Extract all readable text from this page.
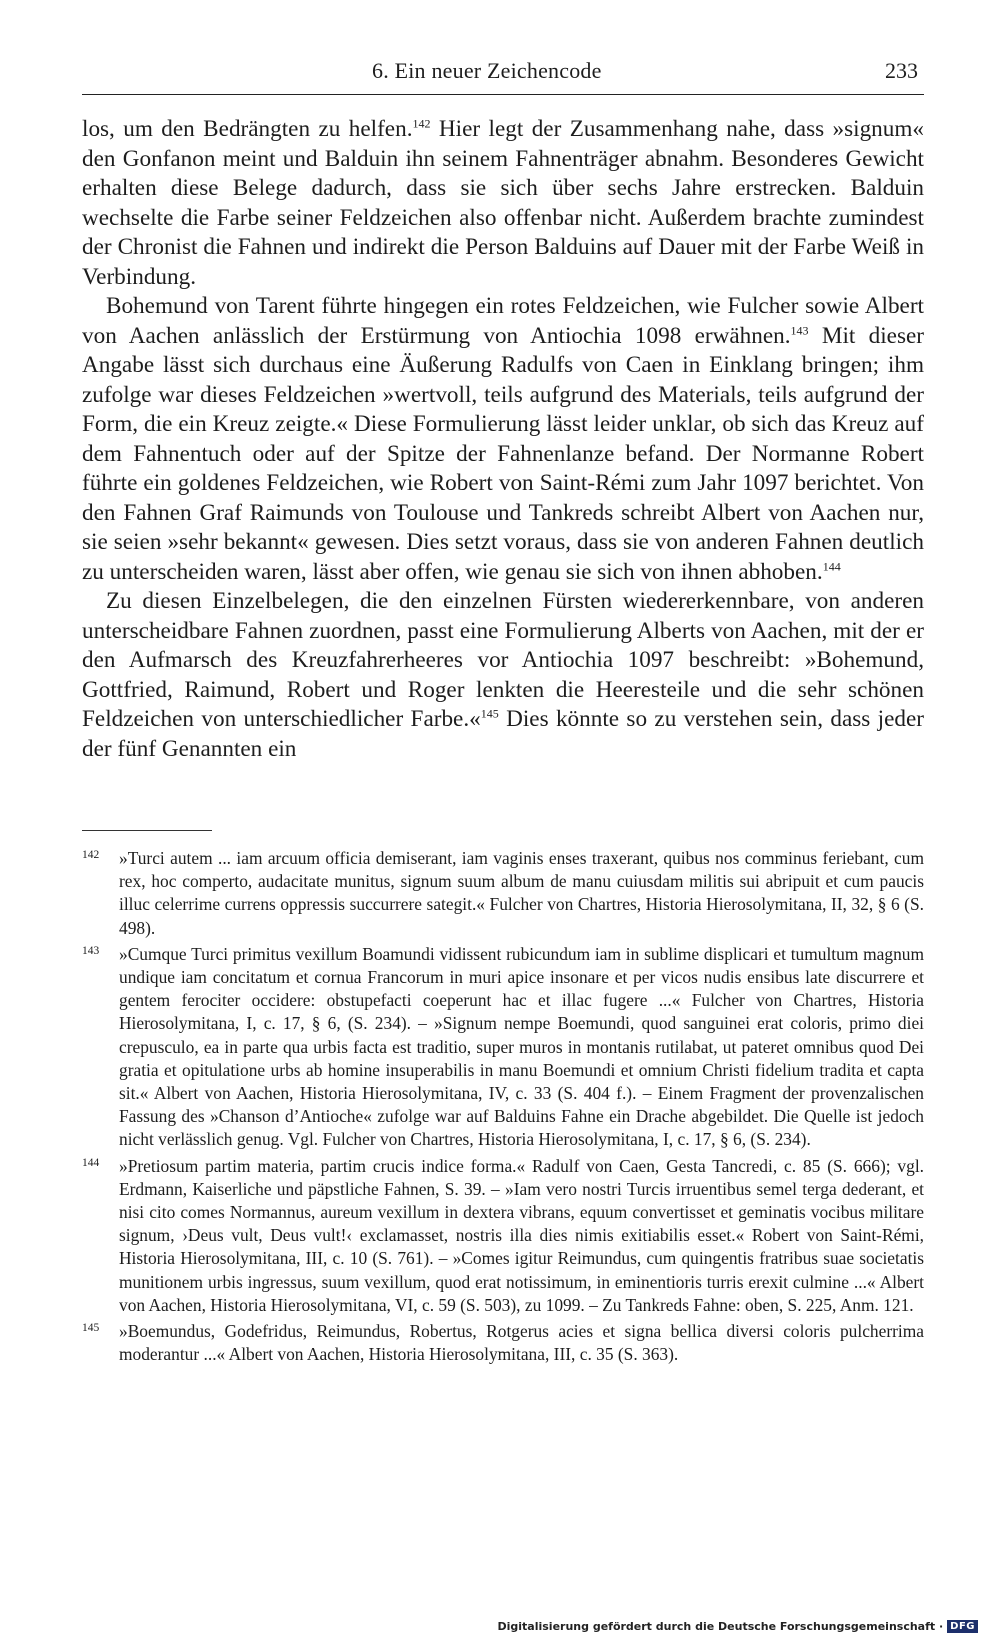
6. Ein neuer Zeichencode	233

los, um den Bedrängten zu helfen.$^{142}$ Hier legt der Zusammenhang nahe, dass »signum« den Gonfanon meint und Balduin ihn seinem Fahnenträger abnahm. Besonderes Gewicht erhalten diese Belege dadurch, dass sie sich über sechs Jahre erstrecken. Balduin wechselte die Farbe seiner Feldzeichen also offenbar nicht. Außerdem brachte zumindest der Chronist die Fahnen und indirekt die Person Balduins auf Dauer mit der Farbe Weiß in Verbindung.

Bohemund von Tarent führte hingegen ein rotes Feldzeichen, wie Fulcher sowie Albert von Aachen anlässlich der Erstürmung von Antiochia 1098 erwähnen.$^{143}$ Mit dieser Angabe lässt sich durchaus eine Äußerung Radulfs von Caen in Einklang bringen; ihm zufolge war dieses Feldzeichen »wertvoll, teils aufgrund des Materials, teils aufgrund der Form, die ein Kreuz zeigte.« Diese Formulierung lässt leider unklar, ob sich das Kreuz auf dem Fahnentuch oder auf der Spitze der Fahnenlanze befand. Der Normanne Robert führte ein goldenes Feldzeichen, wie Robert von Saint-Rémi zum Jahr 1097 berichtet. Von den Fahnen Graf Raimunds von Toulouse und Tankreds schreibt Albert von Aachen nur, sie seien »sehr bekannt« gewesen. Dies setzt voraus, dass sie von anderen Fahnen deutlich zu unterscheiden waren, lässt aber offen, wie genau sie sich von ihnen abhoben.$^{144}$

Zu diesen Einzelbelegen, die den einzelnen Fürsten wiedererkennbare, von anderen unterscheidbare Fahnen zuordnen, passt eine Formulierung Alberts von Aachen, mit der er den Aufmarsch des Kreuzfahrerheeres vor Antiochia 1097 beschreibt: »Bohemund, Gottfried, Raimund, Robert und Roger lenkten die Heeresteile und die sehr schönen Feldzeichen von unterschiedlicher Farbe.«$^{145}$ Dies könnte so zu verstehen sein, dass jeder der fünf Genannten ein

142 »Turci autem ... iam arcuum officia demiserant, iam vaginis enses traxerant, quibus nos comminus feriebant, cum rex, hoc comperto, audacitate munitus, signum suum album de manu cuiusdam militis sui abripuit et cum paucis illuc celerrime currens oppressis succurrere sategit.« Fulcher von Chartres, Historia Hierosolymitana, II, 32, § 6 (S. 498).
143 »Cumque Turci primitus vexillum Boamundi vidissent rubicundum iam in sublime displicari et tumultum magnum undique iam concitatum et cornua Francorum in muri apice insonare et per vicos nudis ensibus late discurrere et gentem ferociter occidere: obstupefacti coeperunt hac et illac fugere ...« Fulcher von Chartres, Historia Hierosolymitana, I, c. 17, § 6, (S. 234). – »Signum nempe Boemundi, quod sanguinei erat coloris, primo diei crepusculo, ea in parte qua urbis facta est traditio, super muros in montanis rutilabat, ut pateret omnibus quod Dei gratia et opitulatione urbs ab homine insuperabilis in manu Boemundi et omnium Christi fidelium tradita et capta sit.« Albert von Aachen, Historia Hierosolymitana, IV, c. 33 (S. 404 f.). – Einem Fragment der provenzalischen Fassung des »Chanson d’Antioche« zufolge war auf Balduins Fahne ein Drache abgebildet. Die Quelle ist jedoch nicht verlässlich genug. Vgl. Fulcher von Chartres, Historia Hierosolymitana, I, c. 17, § 6, (S. 234).
144 »Pretiosum partim materia, partim crucis indice forma.« Radulf von Caen, Gesta Tancredi, c. 85 (S. 666); vgl. Erdmann, Kaiserliche und päpstliche Fahnen, S. 39. – »Iam vero nostri Turcis irruentibus semel terga dederant, et nisi cito comes Normannus, aureum vexillum in dextera vibrans, equum convertisset et geminatis vocibus militare signum, ›Deus vult, Deus vult!‹ exclamasset, nostris illa dies nimis exitiabilis esset.« Robert von Saint-Rémi, Historia Hierosolymitana, III, c. 10 (S. 761). – »Comes igitur Reimundus, cum quingentis fratribus suae societatis munitionem urbis ingressus, suum vexillum, quod erat notissimum, in eminentioris turris erexit culmine ...« Albert von Aachen, Historia Hierosolymitana, VI, c. 59 (S. 503), zu 1099. – Zu Tankreds Fahne: oben, S. 225, Anm. 121.
145 »Boemundus, Godefridus, Reimundus, Robertus, Rotgerus acies et signa bellica diversi coloris pulcherrima moderantur ...« Albert von Aachen, Historia Hierosolymitana, III, c. 35 (S. 363).
Digitalisierung gefördert durch die Deutsche Forschungsgemeinschaft · DFG
